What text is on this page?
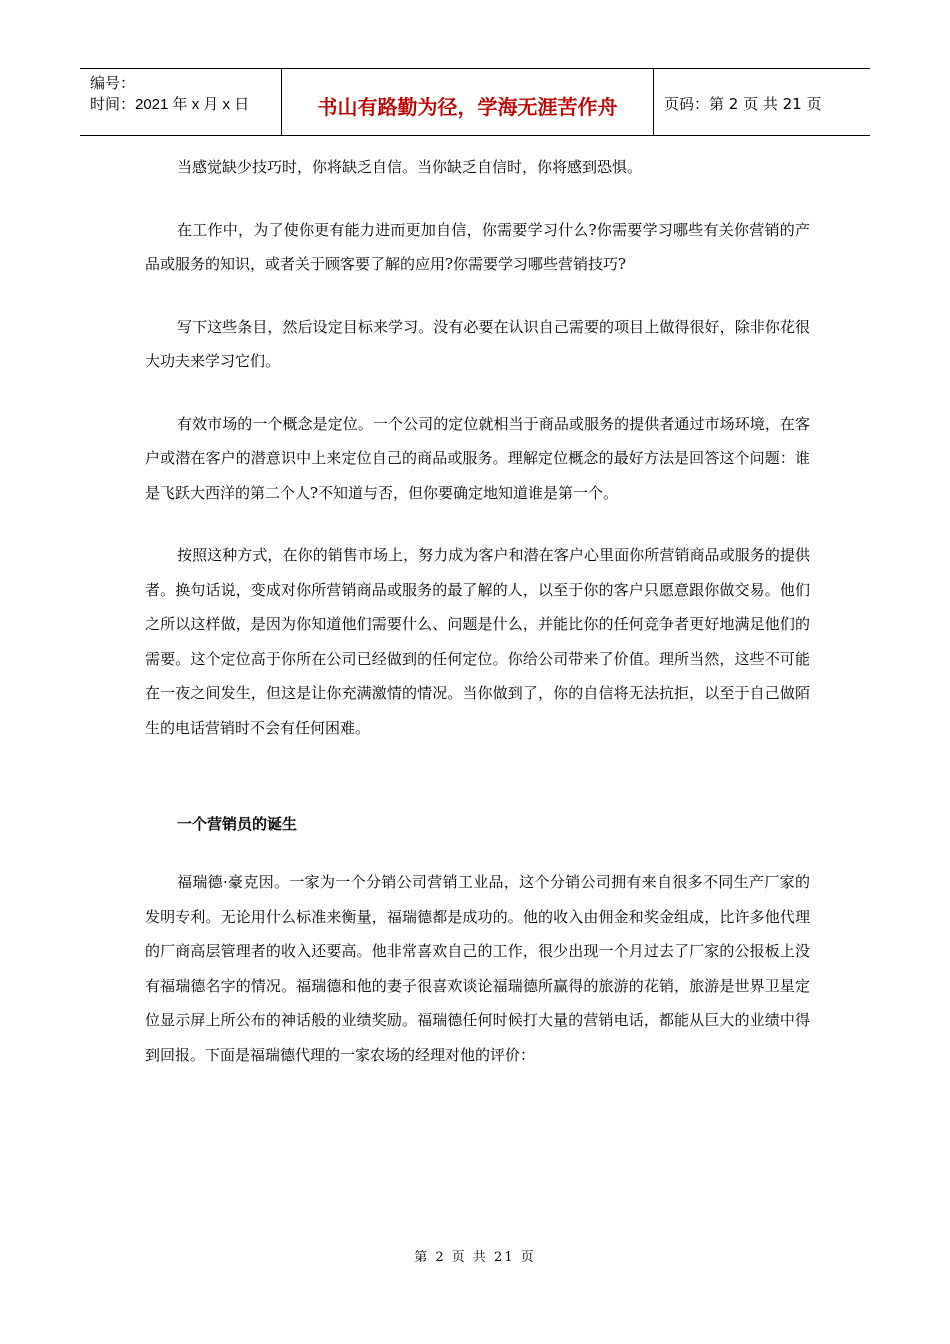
编号：
时间：2021 年 x 月 x 日	书山有路勤为径，学海无涯苦作舟	页码：第 2 页 共 21 页

当感觉缺少技巧时，你将缺乏自信。当你缺乏自信时，你将感到恐惧。

在工作中，为了使你更有能力进而更加自信，你需要学习什么?你需要学习哪些有关你营销的产品或服务的知识，或者关于顾客要了解的应用?你需要学习哪些营销技巧?

写下这些条目，然后设定目标来学习。没有必要在认识自己需要的项目上做得很好，除非你花很大功夫来学习它们。

有效市场的一个概念是定位。一个公司的定位就相当于商品或服务的提供者通过市场环境，在客户或潜在客户的潜意识中上来定位自己的商品或服务。理解定位概念的最好方法是回答这个问题：谁是飞跃大西洋的第二个人?不知道与否，但你要确定地知道谁是第一个。

按照这种方式，在你的销售市场上，努力成为客户和潜在客户心里面你所营销商品或服务的提供者。换句话说，变成对你所营销商品或服务的最了解的人，以至于你的客户只愿意跟你做交易。他们之所以这样做，是因为你知道他们需要什么、问题是什么，并能比你的任何竞争者更好地满足他们的需要。这个定位高于你所在公司已经做到的任何定位。你给公司带来了价值。理所当然，这些不可能在一夜之间发生，但这是让你充满激情的情况。当你做到了，你的自信将无法抗拒，以至于自己做陌生的电话营销时不会有任何困难。

一个营销员的诞生

福瑞德·豪克因。一家为一个分销公司营销工业品，这个分销公司拥有来自很多不同生产厂家的发明专利。无论用什么标准来衡量，福瑞德都是成功的。他的收入由佣金和奖金组成，比许多他代理的厂商高层管理者的收入还要高。他非常喜欢自己的工作，很少出现一个月过去了厂家的公报板上没有福瑞德名字的情况。福瑞德和他的妻子很喜欢谈论福瑞德所赢得的旅游的花销，旅游是世界卫星定位显示屏上所公布的神话般的业绩奖励。福瑞德任何时候打大量的营销电话，都能从巨大的业绩中得到回报。下面是福瑞德代理的一家农场的经理对他的评价：

第 2 页 共 21 页
